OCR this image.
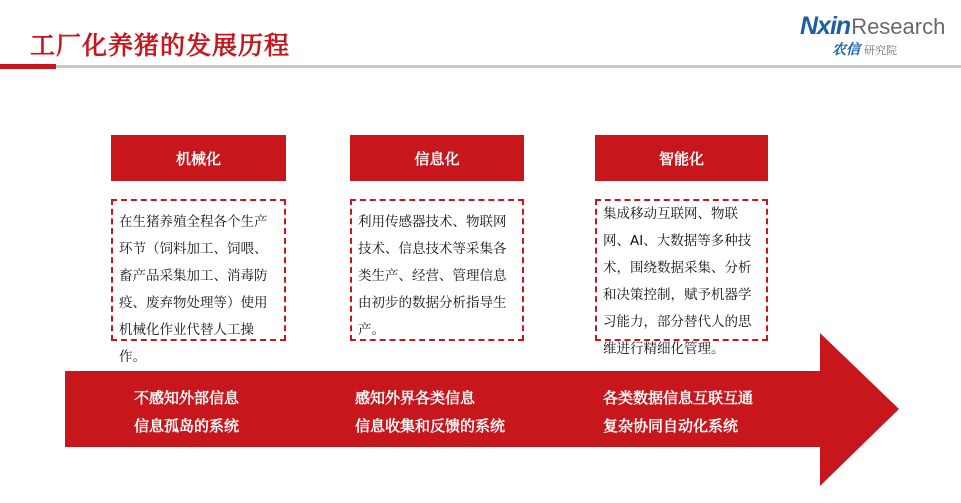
工厂化养猪的发展历程
NxinResearch
农信 研究院
机械化	信息化	智能化
在生猪养殖全程各个生产环节（饲料加工、饲喂、畜产品采集加工、消毒防疫、废弃物处理等）使用机械化作业代替人工操作。
利用传感器技术、物联网技术、信息技术等采集各类生产、经营、管理信息由初步的数据分析指导生产。
集成移动互联网、物联网、AI、大数据等多种技术，围绕数据采集、分析和决策控制，赋予机器学习能力，部分替代人的思维进行精细化管理。
不感知外部信息
信息孤岛的系统
感知外界各类信息
信息收集和反馈的系统
各类数据信息互联互通
复杂协同自动化系统
